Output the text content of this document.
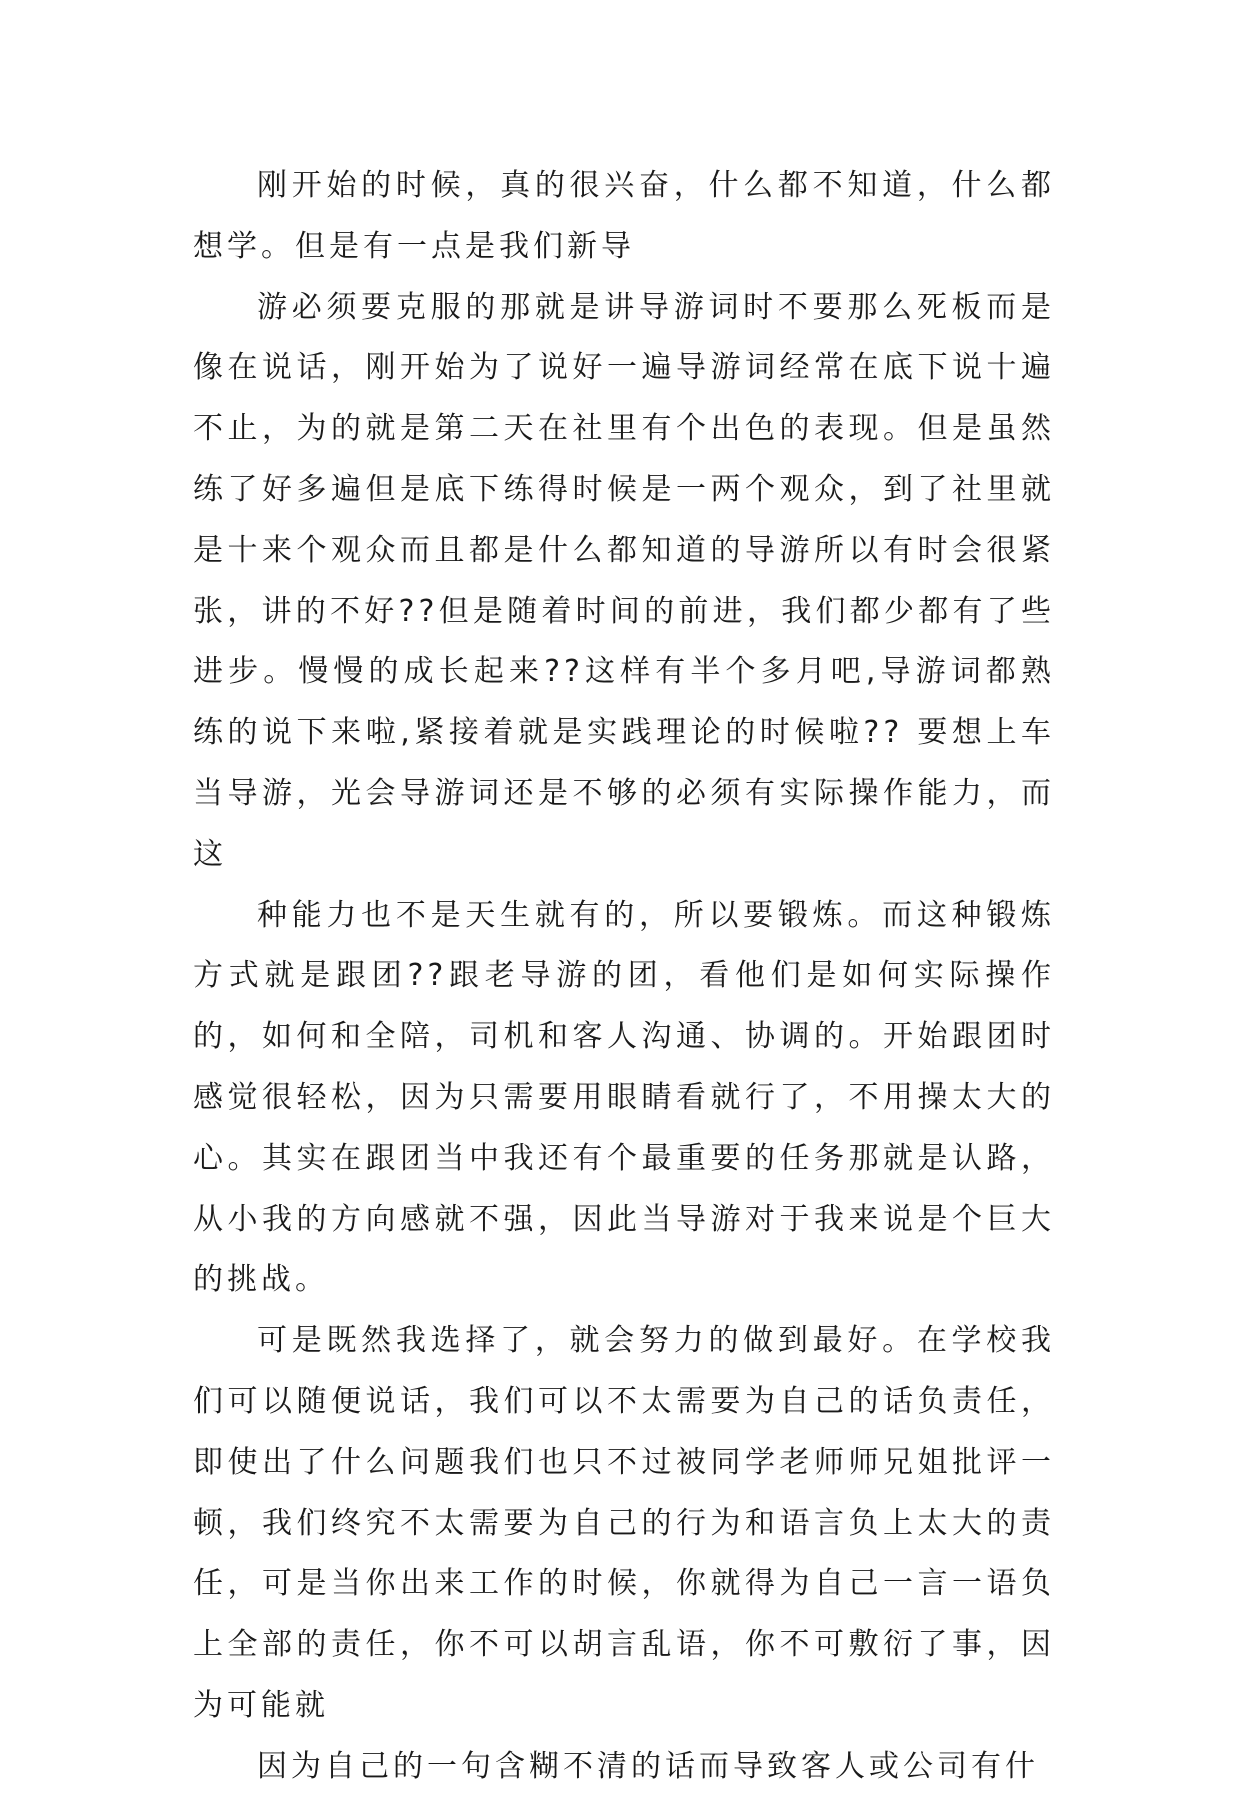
刚开始的时候，真的很兴奋，什么都不知道，什么都想学。但是有一点是我们新导

游必须要克服的那就是讲导游词时不要那么死板而是像在说话，刚开始为了说好一遍导游词经常在底下说十遍不止，为的就是第二天在社里有个出色的表现。但是虽然练了好多遍但是底下练得时候是一两个观众，到了社里就是十来个观众而且都是什么都知道的导游所以有时会很紧张，讲的不好??但是随着时间的前进，我们都少都有了些进步。慢慢的成长起来??这样有半个多月吧,导游词都熟练的说下来啦,紧接着就是实践理论的时候啦?? 要想上车当导游，光会导游词还是不够的必须有实际操作能力，而这

种能力也不是天生就有的，所以要锻炼。而这种锻炼方式就是跟团??跟老导游的团，看他们是如何实际操作的，如何和全陪，司机和客人沟通、协调的。开始跟团时感觉很轻松，因为只需要用眼睛看就行了，不用操太大的心。其实在跟团当中我还有个最重要的任务那就是认路，从小我的方向感就不强，因此当导游对于我来说是个巨大的挑战。

可是既然我选择了，就会努力的做到最好。在学校我们可以随便说话，我们可以不太需要为自己的话负责任，即使出了什么问题我们也只不过被同学老师师兄姐批评一顿，我们终究不太需要为自己的行为和语言负上太大的责任，可是当你出来工作的时候，你就得为自己一言一语负上全部的责任，你不可以胡言乱语，你不可敷衍了事，因为可能就

因为自己的一句含糊不清的话而导致客人或公司有什
